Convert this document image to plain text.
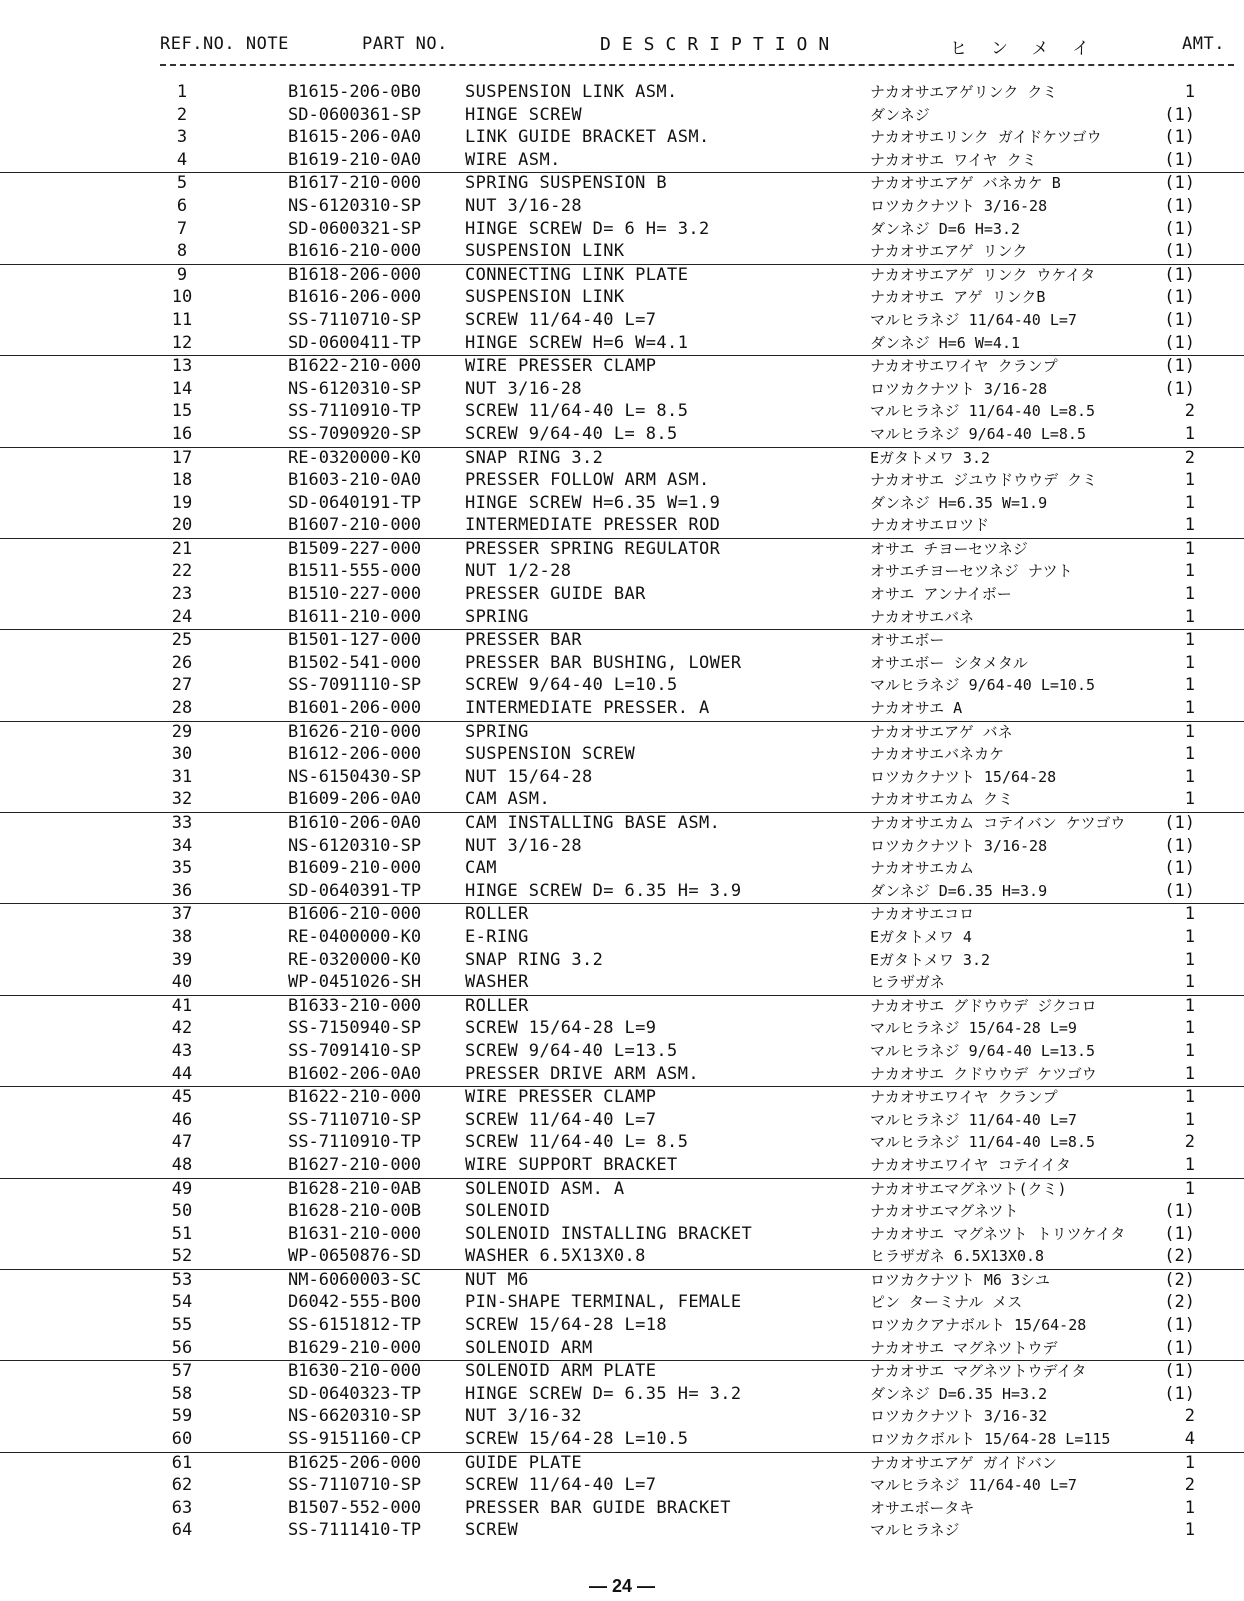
REF.NO. NOTE	PART NO.	DESCRIPTION	ヒンメイ	AMT.
1	B1615-206-0B0	SUSPENSION LINK ASM.	ナカオサエアゲリンク クミ	1
2	SD-0600361-SP	HINGE SCREW	ダンネジ	(1)
3	B1615-206-0A0	LINK GUIDE BRACKET ASM.	ナカオサエリンク ガイドケツゴウ	(1)
4	B1619-210-0A0	WIRE ASM.	ナカオサエ ワイヤ クミ	(1)
5	B1617-210-000	SPRING SUSPENSION B	ナカオサエアゲ バネカケ B	(1)
6	NS-6120310-SP	NUT 3/16-28	ロツカクナツト 3/16-28	(1)
7	SD-0600321-SP	HINGE SCREW D= 6 H= 3.2	ダンネジ D=6 H=3.2	(1)
8	B1616-210-000	SUSPENSION LINK	ナカオサエアゲ リンク	(1)
9	B1618-206-000	CONNECTING LINK PLATE	ナカオサエアゲ リンク ウケイタ	(1)
10	B1616-206-000	SUSPENSION LINK	ナカオサエ アゲ リンクB	(1)
11	SS-7110710-SP	SCREW 11/64-40 L=7	マルヒラネジ 11/64-40 L=7	(1)
12	SD-0600411-TP	HINGE SCREW H=6 W=4.1	ダンネジ H=6 W=4.1	(1)
13	B1622-210-000	WIRE PRESSER CLAMP	ナカオサエワイヤ クランプ	(1)
14	NS-6120310-SP	NUT 3/16-28	ロツカクナツト 3/16-28	(1)
15	SS-7110910-TP	SCREW 11/64-40 L= 8.5	マルヒラネジ 11/64-40 L=8.5	2
16	SS-7090920-SP	SCREW 9/64-40 L= 8.5	マルヒラネジ 9/64-40 L=8.5	1
17	RE-0320000-K0	SNAP RING 3.2	Eガタトメワ 3.2	2
18	B1603-210-0A0	PRESSER FOLLOW ARM ASM.	ナカオサエ ジユウドウウデ クミ	1
19	SD-0640191-TP	HINGE SCREW H=6.35 W=1.9	ダンネジ H=6.35 W=1.9	1
20	B1607-210-000	INTERMEDIATE PRESSER ROD	ナカオサエロツド	1
21	B1509-227-000	PRESSER SPRING REGULATOR	オサエ チヨーセツネジ	1
22	B1511-555-000	NUT 1/2-28	オサエチヨーセツネジ ナツト	1
23	B1510-227-000	PRESSER GUIDE BAR	オサエ アンナイボー	1
24	B1611-210-000	SPRING	ナカオサエバネ	1
25	B1501-127-000	PRESSER BAR	オサエボー	1
26	B1502-541-000	PRESSER BAR BUSHING, LOWER	オサエボー シタメタル	1
27	SS-7091110-SP	SCREW 9/64-40 L=10.5	マルヒラネジ 9/64-40 L=10.5	1
28	B1601-206-000	INTERMEDIATE PRESSER. A	ナカオサエ A	1
29	B1626-210-000	SPRING	ナカオサエアゲ バネ	1
30	B1612-206-000	SUSPENSION SCREW	ナカオサエバネカケ	1
31	NS-6150430-SP	NUT 15/64-28	ロツカクナツト 15/64-28	1
32	B1609-206-0A0	CAM ASM.	ナカオサエカム クミ	1
33	B1610-206-0A0	CAM INSTALLING BASE ASM.	ナカオサエカム コテイバン ケツゴウ	(1)
34	NS-6120310-SP	NUT 3/16-28	ロツカクナツト 3/16-28	(1)
35	B1609-210-000	CAM	ナカオサエカム	(1)
36	SD-0640391-TP	HINGE SCREW D= 6.35 H= 3.9	ダンネジ D=6.35 H=3.9	(1)
37	B1606-210-000	ROLLER	ナカオサエコロ	1
38	RE-0400000-K0	E-RING	Eガタトメワ 4	1
39	RE-0320000-K0	SNAP RING 3.2	Eガタトメワ 3.2	1
40	WP-0451026-SH	WASHER	ヒラザガネ	1
41	B1633-210-000	ROLLER	ナカオサエ グドウウデ ジクコロ	1
42	SS-7150940-SP	SCREW 15/64-28 L=9	マルヒラネジ 15/64-28 L=9	1
43	SS-7091410-SP	SCREW 9/64-40 L=13.5	マルヒラネジ 9/64-40 L=13.5	1
44	B1602-206-0A0	PRESSER DRIVE ARM ASM.	ナカオサエ クドウウデ ケツゴウ	1
45	B1622-210-000	WIRE PRESSER CLAMP	ナカオサエワイヤ クランプ	1
46	SS-7110710-SP	SCREW 11/64-40 L=7	マルヒラネジ 11/64-40 L=7	1
47	SS-7110910-TP	SCREW 11/64-40 L= 8.5	マルヒラネジ 11/64-40 L=8.5	2
48	B1627-210-000	WIRE SUPPORT BRACKET	ナカオサエワイヤ コテイイタ	1
49	B1628-210-0AB	SOLENOID ASM. A	ナカオサエマグネツト(クミ)	1
50	B1628-210-00B	SOLENOID	ナカオサエマグネツト	(1)
51	B1631-210-000	SOLENOID INSTALLING BRACKET	ナカオサエ マグネツト トリツケイタ	(1)
52	WP-0650876-SD	WASHER 6.5X13X0.8	ヒラザガネ 6.5X13X0.8	(2)
53	NM-6060003-SC	NUT M6	ロツカクナツト M6 3シユ	(2)
54	D6042-555-B00	PIN-SHAPE TERMINAL, FEMALE	ピン ターミナル メス	(2)
55	SS-6151812-TP	SCREW 15/64-28 L=18	ロツカクアナボルト 15/64-28	(1)
56	B1629-210-000	SOLENOID ARM	ナカオサエ マグネツトウデ	(1)
57	B1630-210-000	SOLENOID ARM PLATE	ナカオサエ マグネツトウデイタ	(1)
58	SD-0640323-TP	HINGE SCREW D= 6.35 H= 3.2	ダンネジ D=6.35 H=3.2	(1)
59	NS-6620310-SP	NUT 3/16-32	ロツカクナツト 3/16-32	2
60	SS-9151160-CP	SCREW 15/64-28 L=10.5	ロツカクボルト 15/64-28 L=115	4
61	B1625-206-000	GUIDE PLATE	ナカオサエアゲ ガイドバン	1
62	SS-7110710-SP	SCREW 11/64-40 L=7	マルヒラネジ 11/64-40 L=7	2
63	B1507-552-000	PRESSER BAR GUIDE BRACKET	オサエボータキ	1
64	SS-7111410-TP	SCREW	マルヒラネジ	1
— 24 —
